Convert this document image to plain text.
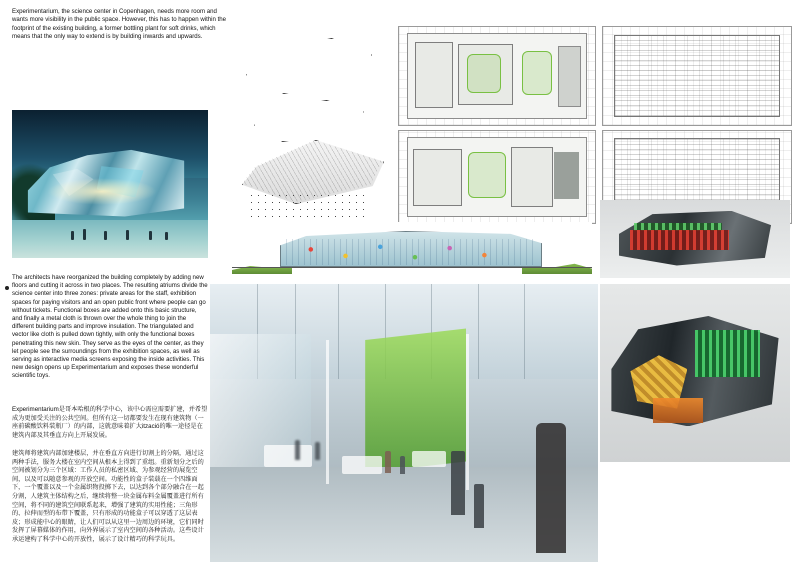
Experimentarium, the science center in Copenhagen, needs more room and wants more visibility in the public space. However, this has to happen within the footprint of the existing building, a former bottling plant for soft drinks, which means that the only way to extend is by building inwards and upwards.
The architects have reorganized the building completely by adding new floors and cutting it across in two places. The resulting atriums divide the science center into three zones: private areas for the staff, exhibition spaces for paying visitors and an open public front where people can go without tickets. Functional boxes are added onto this basic structure, and finally a metal cloth is thrown over the whole thing to join the different building parts and improve insulation. The triangulated and vector like cloth is pulled down tightly, with only the functional boxes penetrating this new skin. They serve as the eyes of the center, as they let people see the surroundings from the exhibition spaces, as well as serving as interactive media screens exposing the inside activities. This new design opens up Experimentarium and exposes these wonderful scientific toys.
Experimentarium是哥本哈根的科学中心，该中心需应需要扩建，并希望成为更加受关注的公共空间。但所有这一切都要发生在现有建筑物（一座前碳酸饮料装瓶厂）的内部，这就意味着扩大ització的唯一途径是在建筑内部及其垂直方向上开展发展。
建筑师将建筑内部加建楼层，并在垂直方向进行切割上的分隔，通过这两种手法，服务大楼在室内空间从根本上得到了重组。重新划分之后的空间被划分为三个区域：工作人员的私密区域、为参观经营的展览空间，以及可以随意参观的开放空间。功能性的盒子装载在一个四维面下，一个覆盖以及一个金属织物投掷下去，以达到各个部分融合在一起分割，人建筑主体结构之后，继续将整一块金属布料金属覆盖进行所有空间，将不同的建筑空间联系起来，增强了建筑的实用性能；三角形的、拉伸而型的布带下覆盖，只有形成的功能盒子可以穿透了这层表皮；形成能中心的眼睛，让人们可以从这里一边周边的环境，它们同时发挥了屏幕媒体的作用，向外界展示了室内空间的各种活动。这些设计承运建构了科学中心的开放性，展示了设计精巧的科学玩具。
